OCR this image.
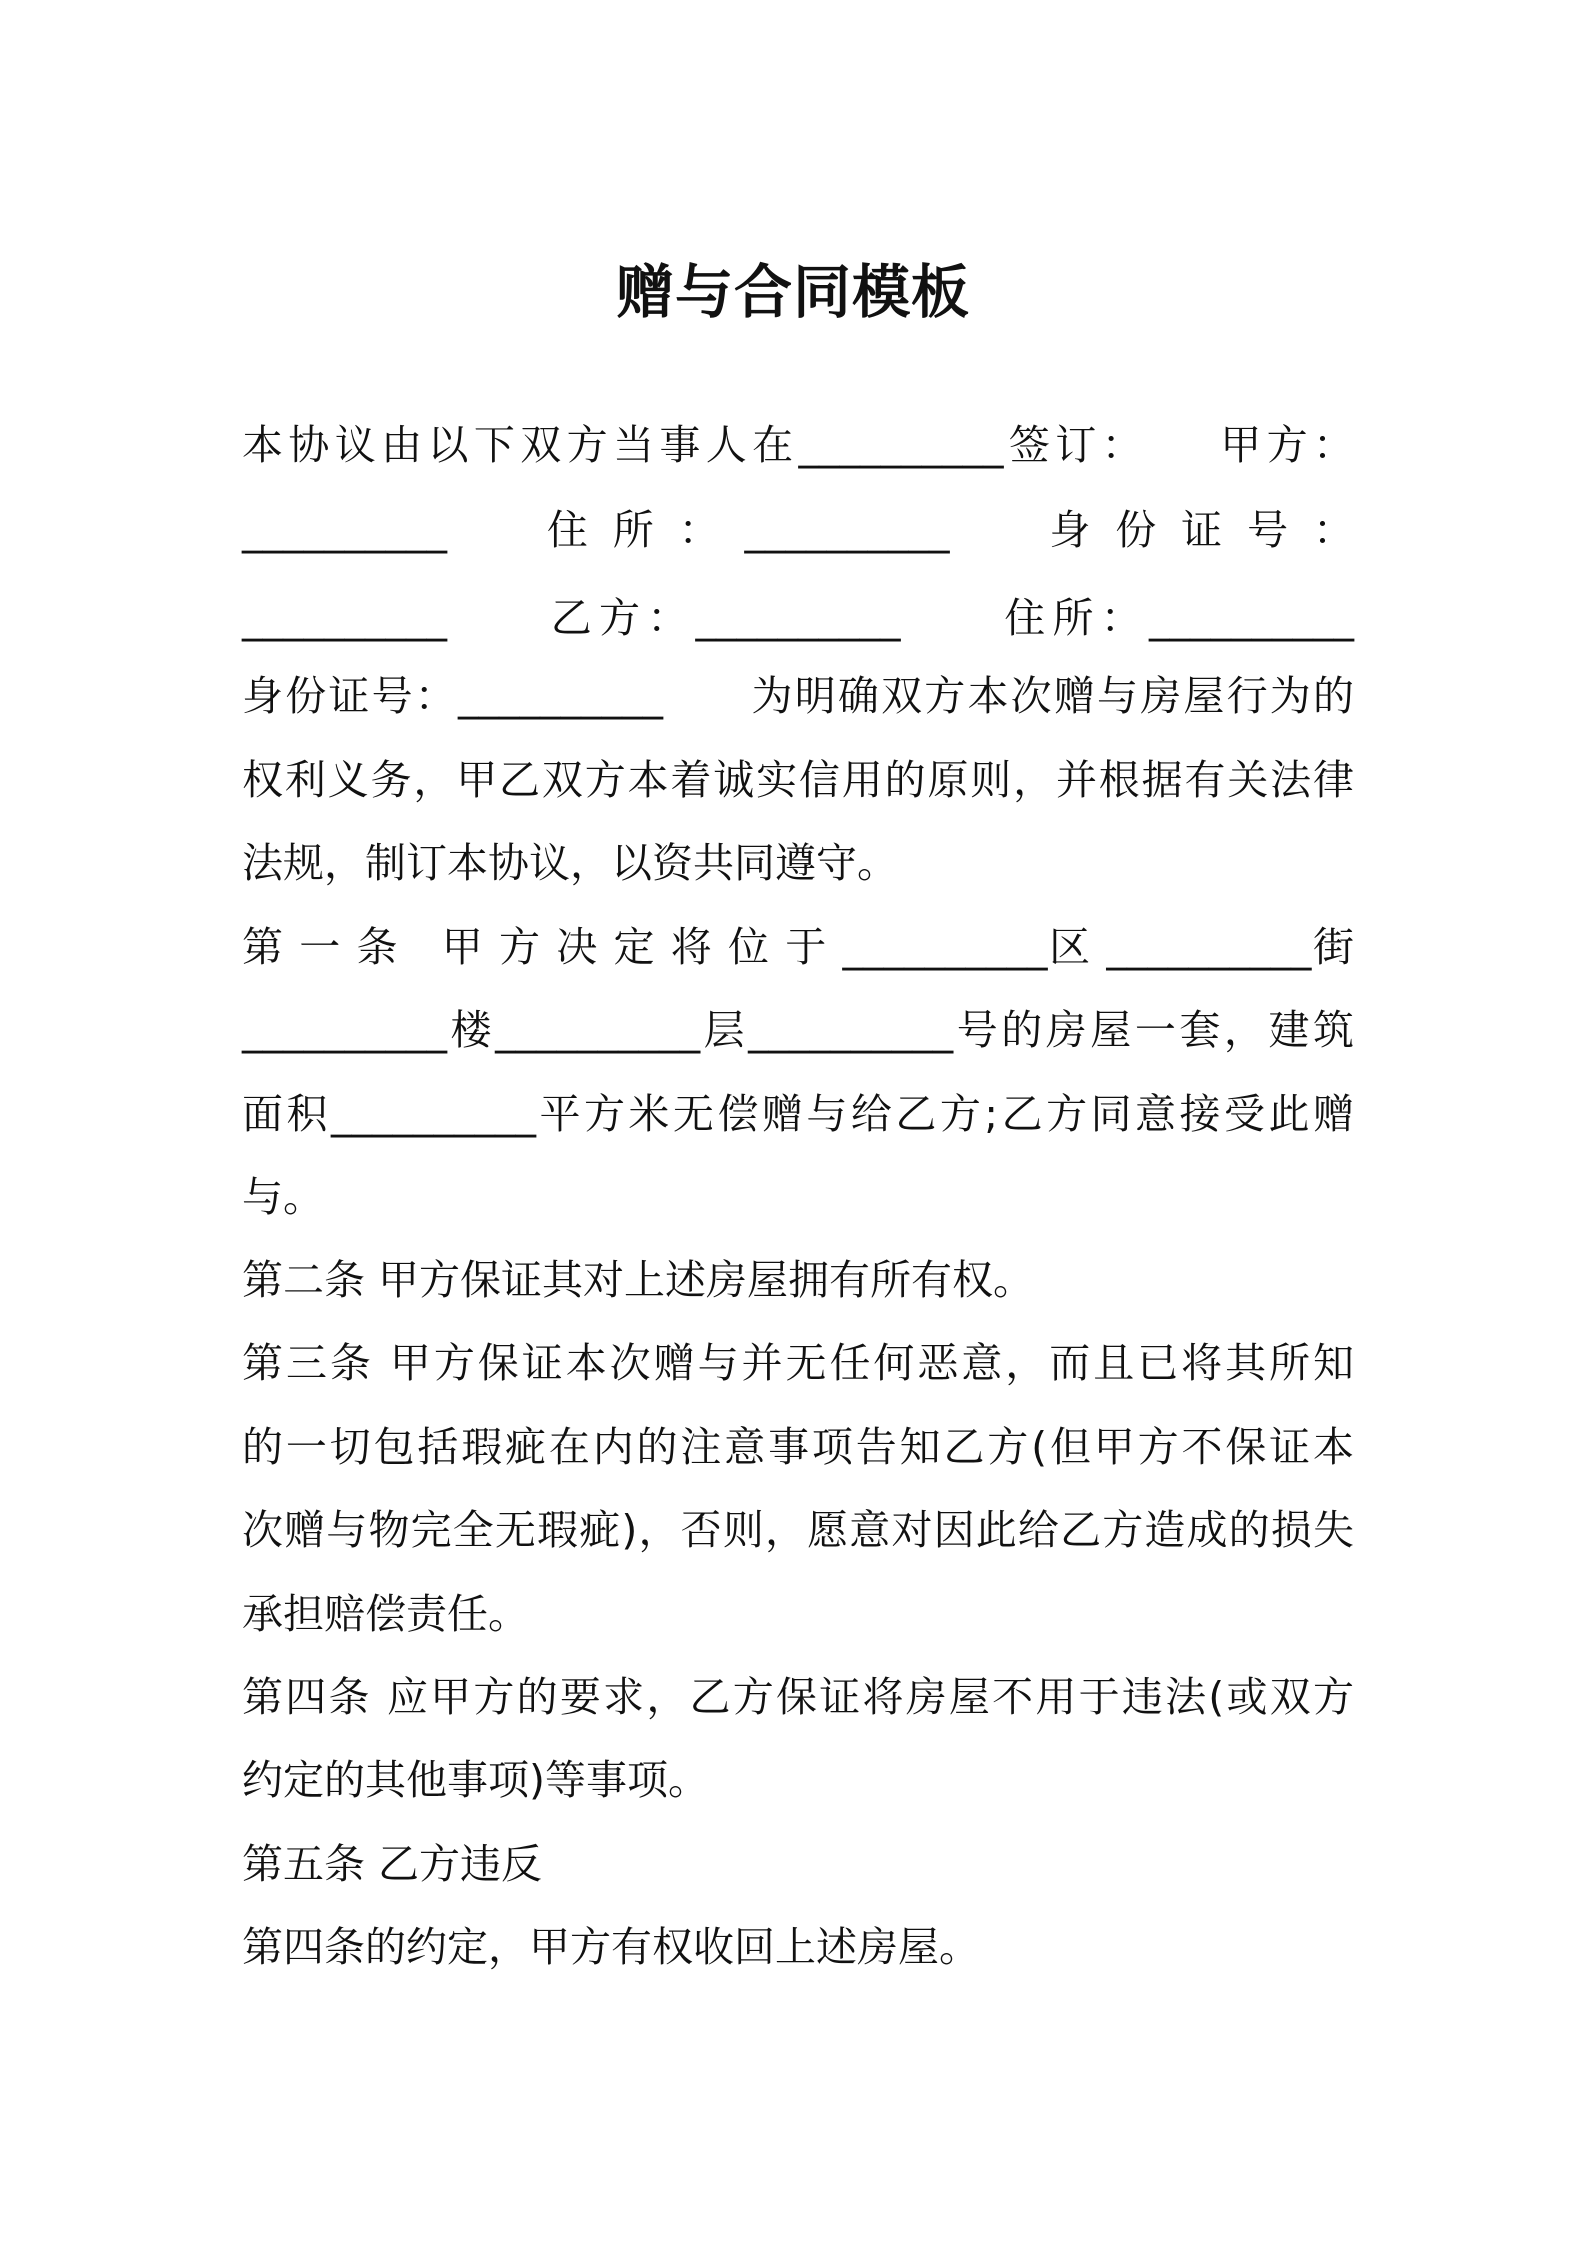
赠与合同模板
本协议由以下双方当事人在__________签订：　　甲方：
__________　　住 所 ： __________　　身 份 证 号 ：
__________　　乙方：__________　　住所：__________
身份证号：__________　　为明确双方本次赠与房屋行为的
权利义务，甲乙双方本着诚实信用的原则，并根据有关法律
法规，制订本协议，以资共同遵守。
第 一 条　甲 方 决 定 将 位 于 __________区 __________街
__________楼__________层__________号的房屋一套，建筑
面积__________平方米无偿赠与给乙方;乙方同意接受此赠
与。
第二条 甲方保证其对上述房屋拥有所有权。
第三条 甲方保证本次赠与并无任何恶意，而且已将其所知
的一切包括瑕疵在内的注意事项告知乙方(但甲方不保证本
次赠与物完全无瑕疵)，否则，愿意对因此给乙方造成的损失
承担赔偿责任。
第四条 应甲方的要求，乙方保证将房屋不用于违法(或双方
约定的其他事项)等事项。
第五条 乙方违反
第四条的约定，甲方有权收回上述房屋。
